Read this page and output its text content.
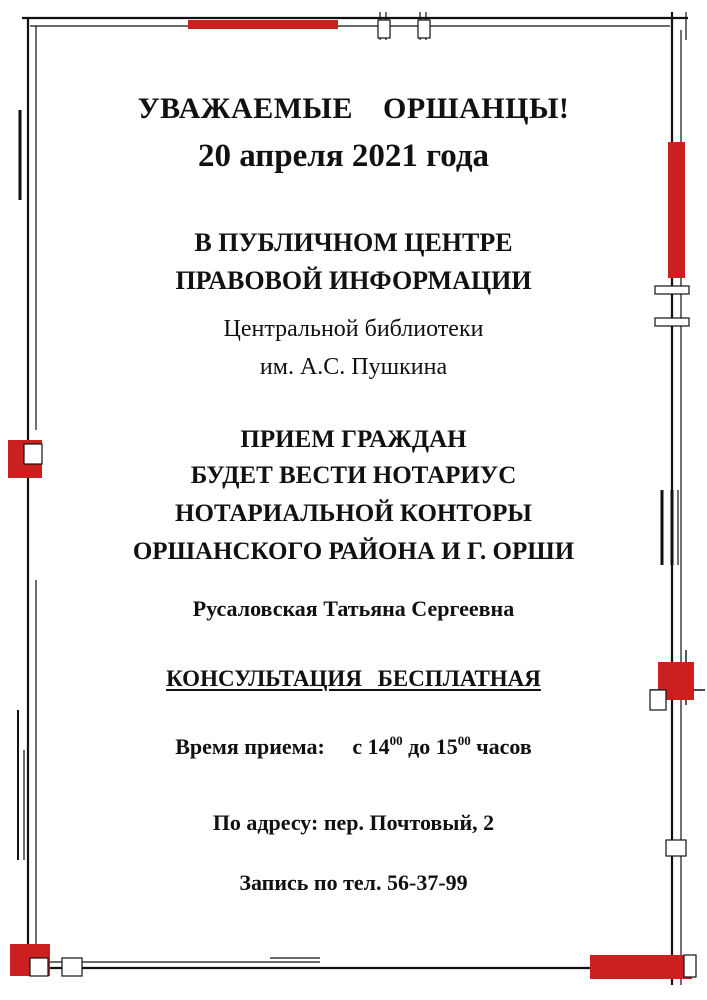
УВАЖАЕМЫЕ ОРШАНЦЫ!

20 апреля 2021 года

В ПУБЛИЧНОМ ЦЕНТРЕ

ПРАВОВОЙ ИНФОРМАЦИИ

Центральной библиотеки

им. А.С. Пушкина

ПРИЕМ ГРАЖДАН

БУДЕТ ВЕСТИ НОТАРИУС

НОТАРИАЛЬНОЙ КОНТОРЫ

ОРШАНСКОГО РАЙОНА И Г. ОРШИ

Русаловская Татьяна Сергеевна

КОНСУЛЬТАЦИЯ БЕСПЛАТНАЯ

Время приема: с $14^{00}$ до $15^{00}$ часов

По адресу: пер. Почтовый, 2

Запись по тел. 56-37-99
